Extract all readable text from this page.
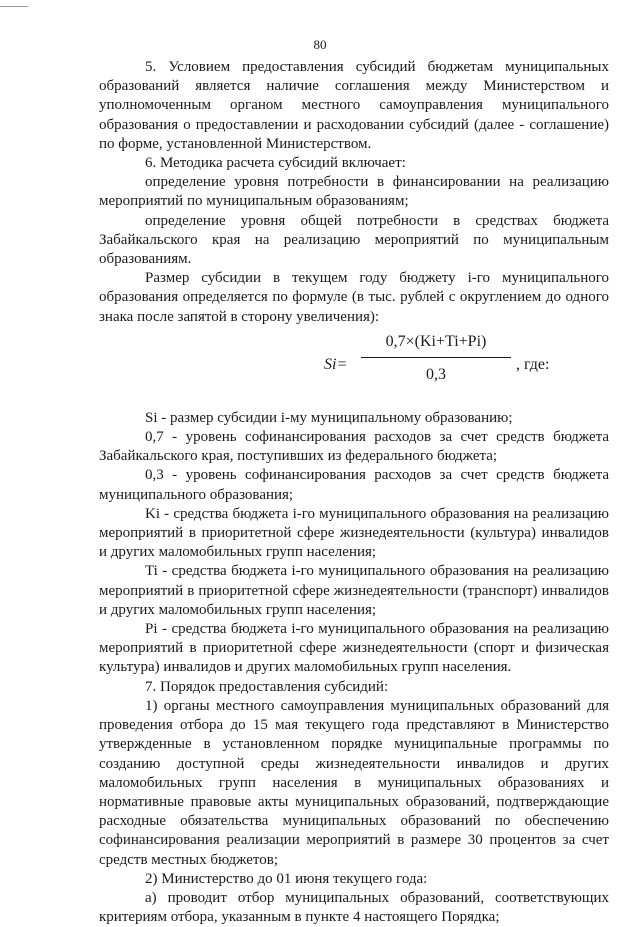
80

5. Условием предоставления субсидий бюджетам муниципальных образований является наличие соглашения между Министерством и уполномоченным органом местного самоуправления муниципального образования о предоставлении и расходовании субсидий (далее - соглашение) по форме, установленной Министерством.

6. Методика расчета субсидий включает:

определение уровня потребности в финансировании на реализацию мероприятий по муниципальным образованиям;

определение уровня общей потребности в средствах бюджета Забайкальского края на реализацию мероприятий по муниципальным образованиям.

Размер субсидии в текущем году бюджету i-го муниципального образования определяется по формуле (в тыс. рублей с округлением до одного знака после запятой в сторону увеличения):

Si=
0,7×(Ki+Ti+Pi)
0,3
, где:

Si - размер субсидии i-му муниципальному образованию;

0,7 - уровень софинансирования расходов за счет средств бюджета Забайкальского края, поступивших из федерального бюджета;

0,3 - уровень софинансирования расходов за счет средств бюджета муниципального образования;

Ki - средства бюджета i-го муниципального образования на реализацию мероприятий в приоритетной сфере жизнедеятельности (культура) инвалидов и других маломобильных групп населения;

Ti - средства бюджета i-го муниципального образования на реализацию мероприятий в приоритетной сфере жизнедеятельности (транспорт) инвалидов и других маломобильных групп населения;

Pi - средства бюджета i-го муниципального образования на реализацию мероприятий в приоритетной сфере жизнедеятельности (спорт и физическая культура) инвалидов и других маломобильных групп населения.

7. Порядок предоставления субсидий:

1) органы местного самоуправления муниципальных образований для проведения отбора до 15 мая текущего года представляют в Министерство утвержденные в установленном порядке муниципальные программы по созданию доступной среды жизнедеятельности инвалидов и других маломобильных групп населения в муниципальных образованиях и нормативные правовые акты муниципальных образований, подтверждающие расходные обязательства муниципальных образований по обеспечению софинансирования реализации мероприятий в размере 30 процентов за счет средств местных бюджетов;

2) Министерство до 01 июня текущего года:

а) проводит отбор муниципальных образований, соответствующих критериям отбора, указанным в пункте 4 настоящего Порядка;
